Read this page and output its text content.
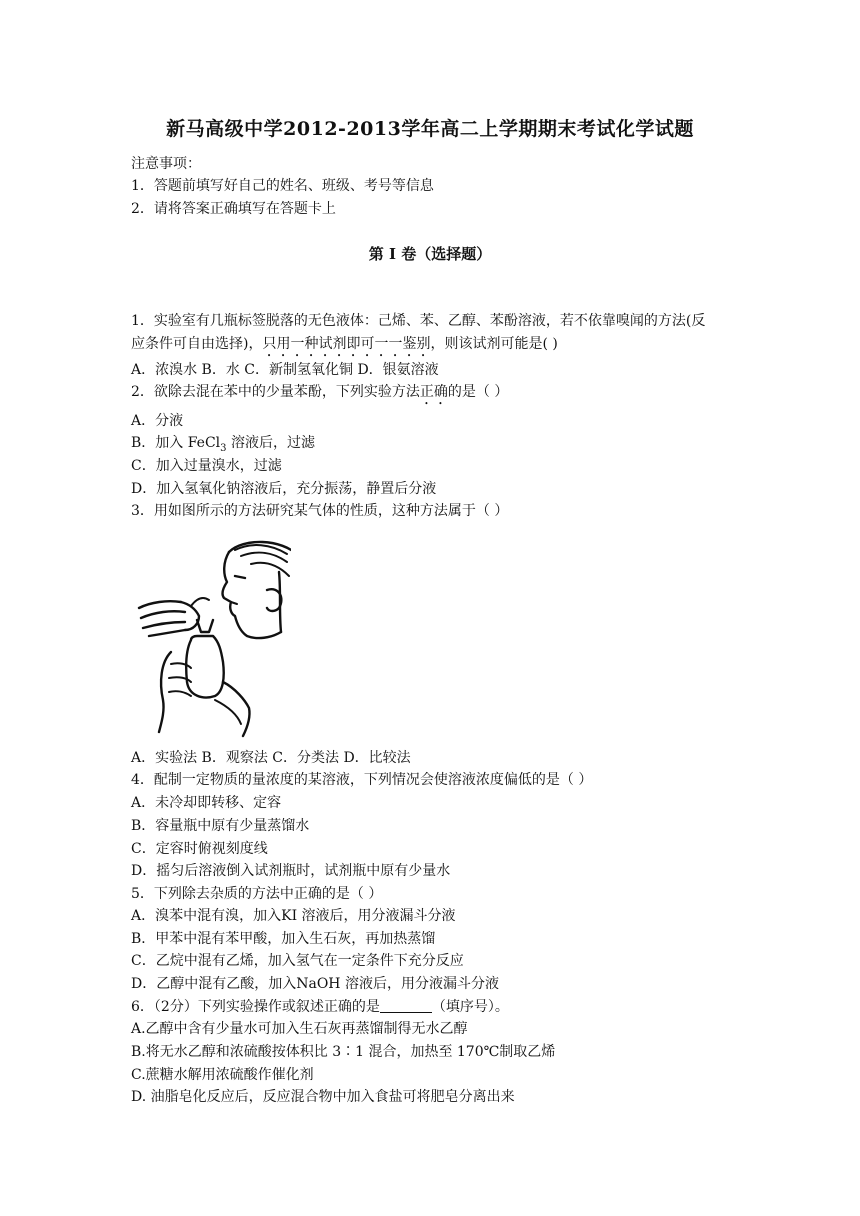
新马高级中学2012-2013学年高二上学期期末考试化学试题
注意事项：
1．答题前填写好自己的姓名、班级、考号等信息
2．请将答案正确填写在答题卡上
第 I 卷（选择题）
1．实验室有几瓶标签脱落的无色液体：己烯、苯、乙醇、苯酚溶液，若不依靠嗅闻的方法(反
应条件可自由选择)，只用一种试剂即可一一鉴别，则该试剂可能是( )
A．浓溴水 B．水 C．新制氢氧化铜 D．银氨溶液
2．欲除去混在苯中的少量苯酚，下列实验方法正确的是（ ）
A．分液
B．加入 FeCl$_3$ 溶液后，过滤
C．加入过量溴水，过滤
D．加入氢氧化钠溶液后，充分振荡，静置后分液
3．用如图所示的方法研究某气体的性质，这种方法属于（ ）
A．实验法 B．观察法 C．分类法 D．比较法
4．配制一定物质的量浓度的某溶液，下列情况会使溶液浓度偏低的是（ ）
A．未冷却即转移、定容
B．容量瓶中原有少量蒸馏水
C．定容时俯视刻度线
D．摇匀后溶液倒入试剂瓶时，试剂瓶中原有少量水
5．下列除去杂质的方法中正确的是（ ）
A．溴苯中混有溴，加入KI 溶液后，用分液漏斗分液
B．甲苯中混有苯甲酸，加入生石灰，再加热蒸馏
C．乙烷中混有乙烯，加入氢气在一定条件下充分反应
D．乙醇中混有乙酸，加入NaOH 溶液后，用分液漏斗分液
6．（2分）下列实验操作或叙述正确的是	（填序号）。
A.乙醇中含有少量水可加入生石灰再蒸馏制得无水乙醇
B.将无水乙醇和浓硫酸按体积比 3∶1 混合，加热至 170℃制取乙烯
C.蔗糖水解用浓硫酸作催化剂
D. 油脂皂化反应后，反应混合物中加入食盐可将肥皂分离出来
